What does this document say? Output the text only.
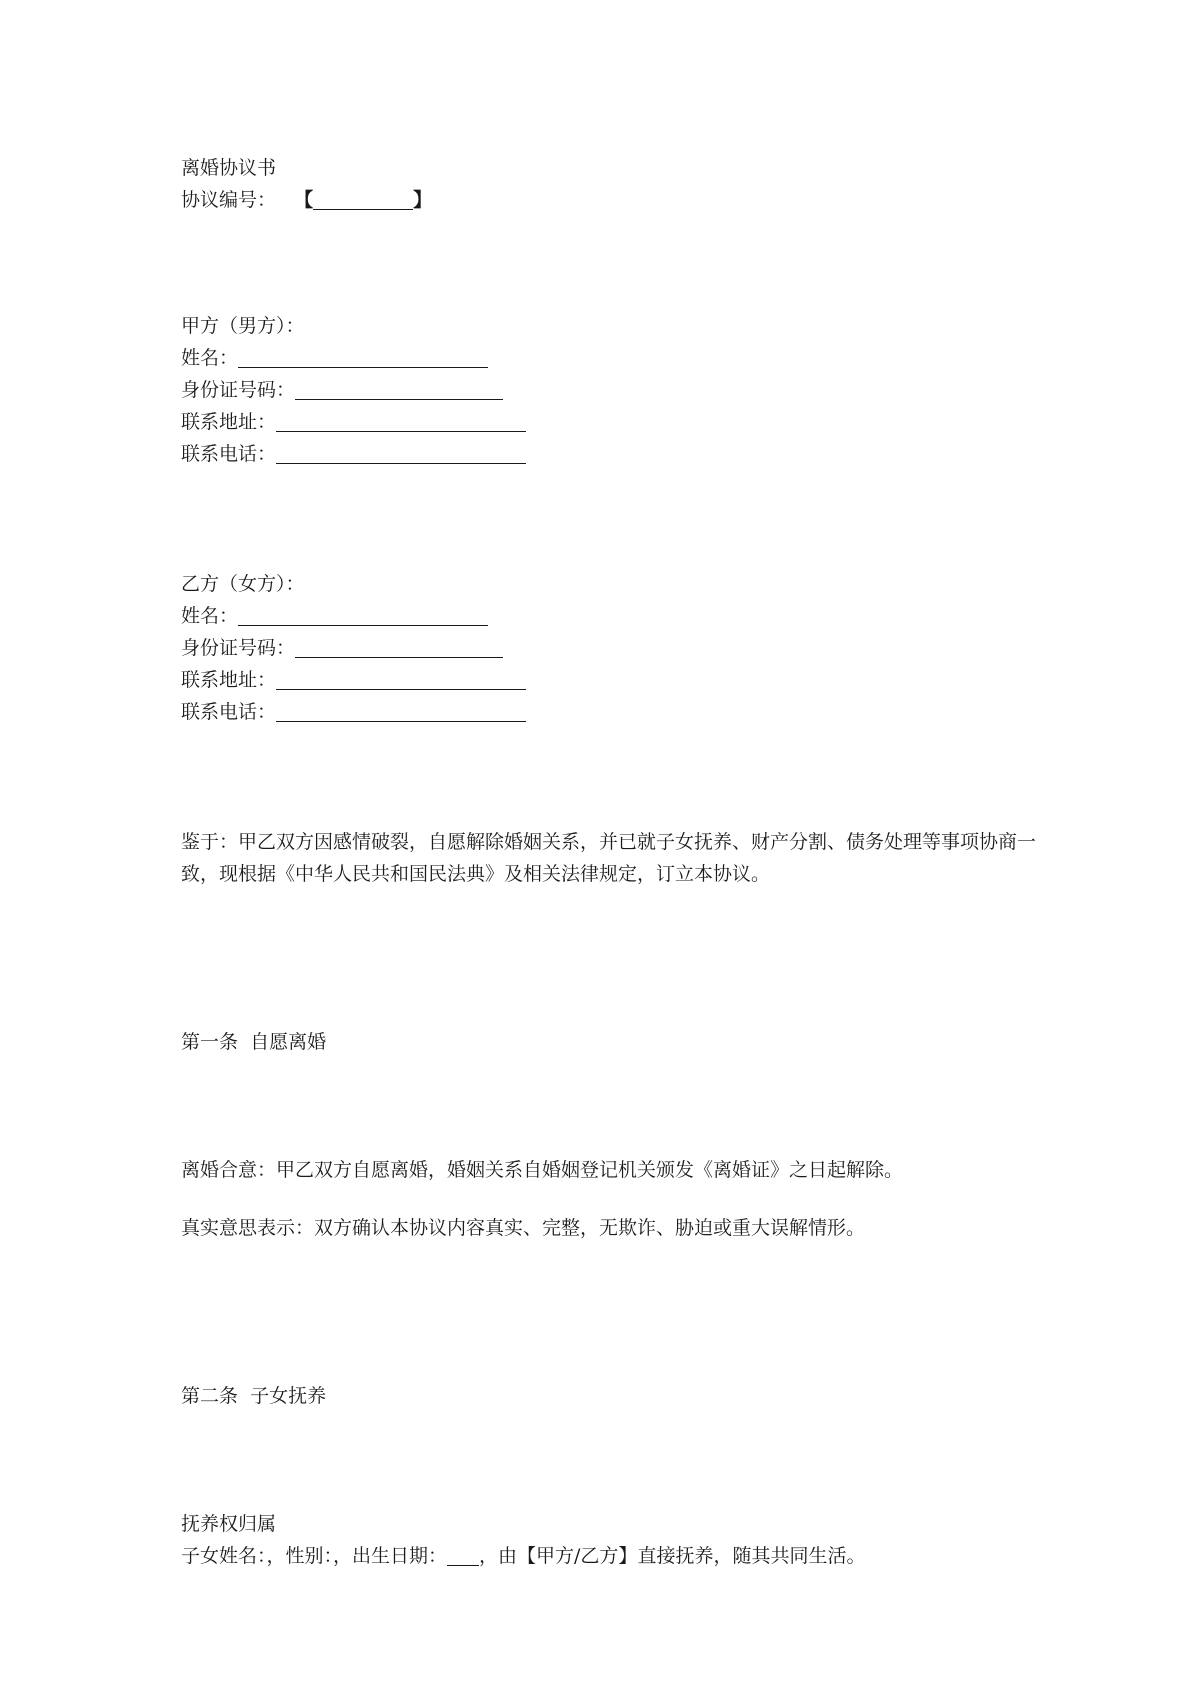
离婚协议书
协议编号： 【	】
甲方（男方）：
姓名：
身份证号码：
联系地址：
联系电话：
乙方（女方）：
姓名：
身份证号码：
联系地址：
联系电话：

鉴于：甲乙双方因感情破裂，自愿解除婚姻关系，并已就子女抚养、财产分割、债务处理等事项协商一致，现根据《中华人民共和国民法典》及相关法律规定，订立本协议。

第一条  自愿离婚
离婚合意：甲乙双方自愿离婚，婚姻关系自婚姻登记机关颁发《离婚证》之日起解除。
真实意思表示：双方确认本协议内容真实、完整，无欺诈、胁迫或重大误解情形。
第二条  子女抚养
抚养权归属
子女姓名：，性别：，出生日期： ，由【甲方/乙方】直接抚养，随其共同生活。
